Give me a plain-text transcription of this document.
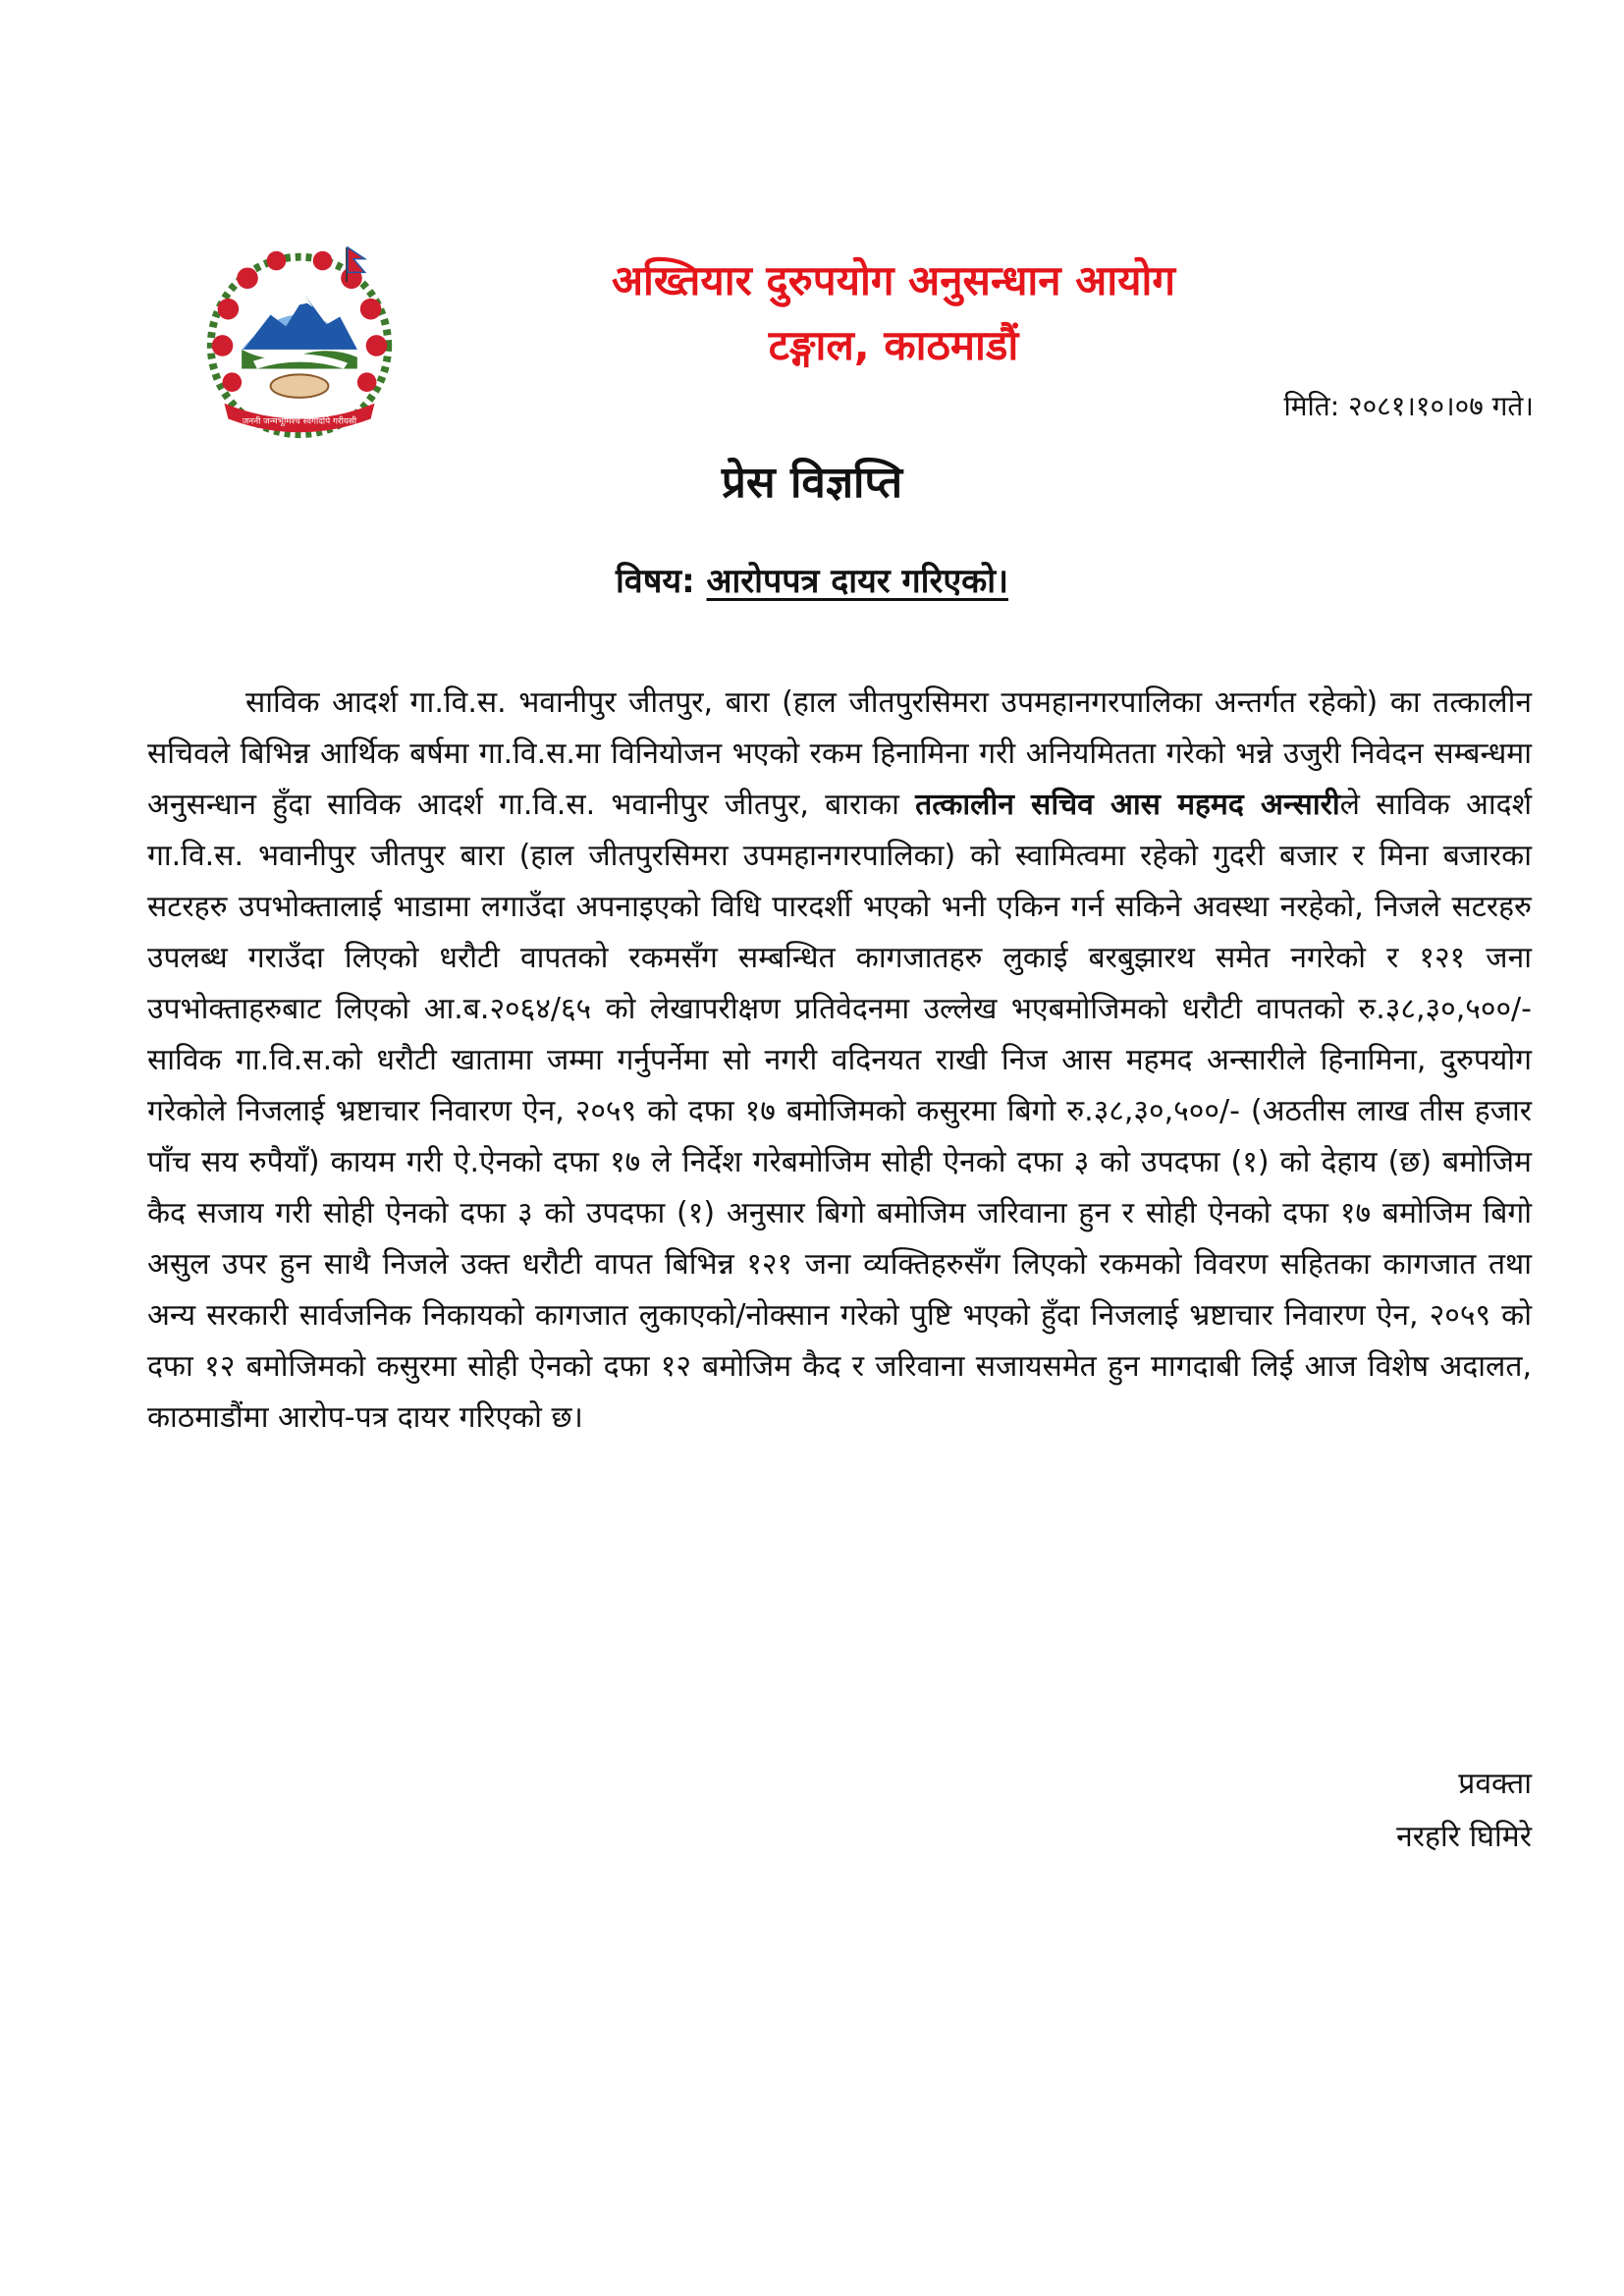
जननी जन्मभूमिश्च स्वर्गादपि गरीयसी
अख्तियार दुरुपयोग अनुसन्धान आयोग
टङ्गाल, काठमाडौं

मिति: २०८१।१०।०७ गते।

प्रेस विज्ञप्ति

विषय: आरोपपत्र दायर गरिएको।

साविक आदर्श गा.वि.स. भवानीपुर जीतपुर, बारा (हाल जीतपुरसिमरा उपमहानगरपालिका अन्तर्गत रहेको) का तत्कालीन सचिवले बिभिन्न आर्थिक बर्षमा गा.वि.स.मा विनियोजन भएको रकम हिनामिना गरी अनियमितता गरेको भन्ने उजुरी निवेदन सम्बन्धमा अनुसन्धान हुँदा साविक आदर्श गा.वि.स. भवानीपुर जीतपुर, बाराका तत्कालीन सचिव आस महमद अन्सारीले साविक आदर्श गा.वि.स. भवानीपुर जीतपुर बारा (हाल जीतपुरसिमरा उपमहानगरपालिका) को स्वामित्वमा रहेको गुदरी बजार र मिना बजारका सटरहरु उपभोक्तालाई भाडामा लगाउँदा अपनाइएको विधि पारदर्शी भएको भनी एकिन गर्न सकिने अवस्था नरहेको, निजले सटरहरु उपलब्ध गराउँदा लिएको धरौटी वापतको रकमसँग सम्बन्धित कागजातहरु लुकाई बरबुझारथ समेत नगरेको र १२१ जना उपभोक्ताहरुबाट लिएको आ.ब.२०६४/६५ को लेखापरीक्षण प्रतिवेदनमा उल्लेख भएबमोजिमको धरौटी वापतको रु.३८,३०,५००/- साविक गा.वि.स.को धरौटी खातामा जम्मा गर्नुपर्नेमा सो नगरी वदिनयत राखी निज आस महमद अन्सारीले हिनामिना, दुरुपयोग गरेकोले निजलाई भ्रष्टाचार निवारण ऐन, २०५९ को दफा १७ बमोजिमको कसुरमा बिगो रु.३८,३०,५००/- (अठतीस लाख तीस हजार पाँच सय रुपैयाँ) कायम गरी ऐ.ऐनको दफा १७ ले निर्देश गरेबमोजिम सोही ऐनको दफा ३ को उपदफा (१) को देहाय (छ) बमोजिम कैद सजाय गरी सोही ऐनको दफा ३ को उपदफा (१) अनुसार बिगो बमोजिम जरिवाना हुन र सोही ऐनको दफा १७ बमोजिम बिगो असुल उपर हुन साथै निजले उक्त धरौटी वापत बिभिन्न १२१ जना व्यक्तिहरुसँग लिएको रकमको विवरण सहितका कागजात तथा अन्य सरकारी सार्वजनिक निकायको कागजात लुकाएको/नोक्सान गरेको पुष्टि भएको हुँदा निजलाई भ्रष्टाचार निवारण ऐन, २०५९ को दफा १२ बमोजिमको कसुरमा सोही ऐनको दफा १२ बमोजिम कैद र जरिवाना सजायसमेत हुन मागदाबी लिई आज विशेष अदालत, काठमाडौंमा आरोप-पत्र दायर गरिएको छ।

प्रवक्ता

नरहरि घिमिरे
